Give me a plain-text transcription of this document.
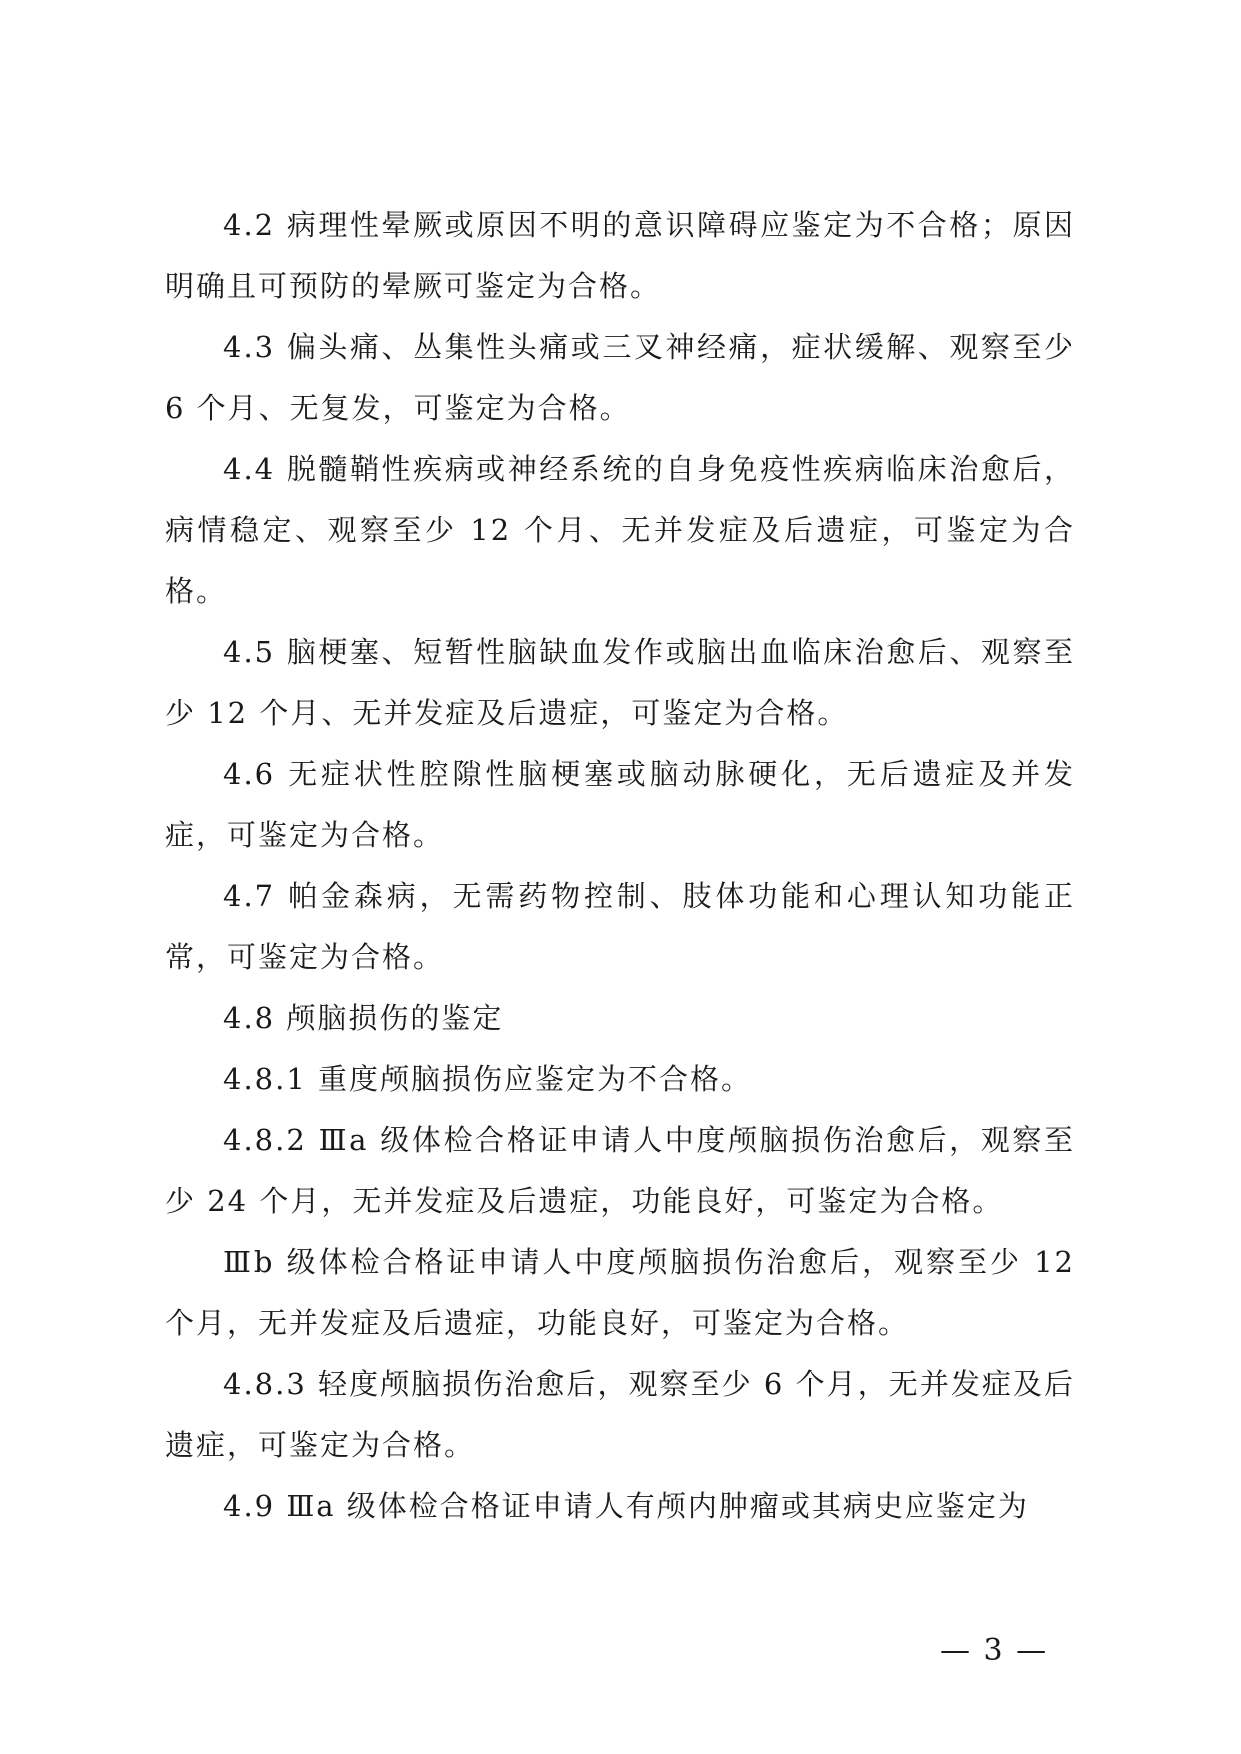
4.2 病理性晕厥或原因不明的意识障碍应鉴定为不合格；原因明确且可预防的晕厥可鉴定为合格。

4.3 偏头痛、丛集性头痛或三叉神经痛，症状缓解、观察至少 6 个月、无复发，可鉴定为合格。

4.4 脱髓鞘性疾病或神经系统的自身免疫性疾病临床治愈后，病情稳定、观察至少 12 个月、无并发症及后遗症，可鉴定为合格。

4.5 脑梗塞、短暂性脑缺血发作或脑出血临床治愈后、观察至少 12 个月、无并发症及后遗症，可鉴定为合格。

4.6 无症状性腔隙性脑梗塞或脑动脉硬化，无后遗症及并发症，可鉴定为合格。

4.7 帕金森病，无需药物控制、肢体功能和心理认知功能正常，可鉴定为合格。

4.8 颅脑损伤的鉴定

4.8.1 重度颅脑损伤应鉴定为不合格。

4.8.2 Ⅲa 级体检合格证申请人中度颅脑损伤治愈后，观察至少 24 个月，无并发症及后遗症，功能良好，可鉴定为合格。

Ⅲb 级体检合格证申请人中度颅脑损伤治愈后，观察至少 12 个月，无并发症及后遗症，功能良好，可鉴定为合格。

4.8.3 轻度颅脑损伤治愈后，观察至少 6 个月，无并发症及后遗症，可鉴定为合格。

4.9 Ⅲa 级体检合格证申请人有颅内肿瘤或其病史应鉴定为

— 3 —
